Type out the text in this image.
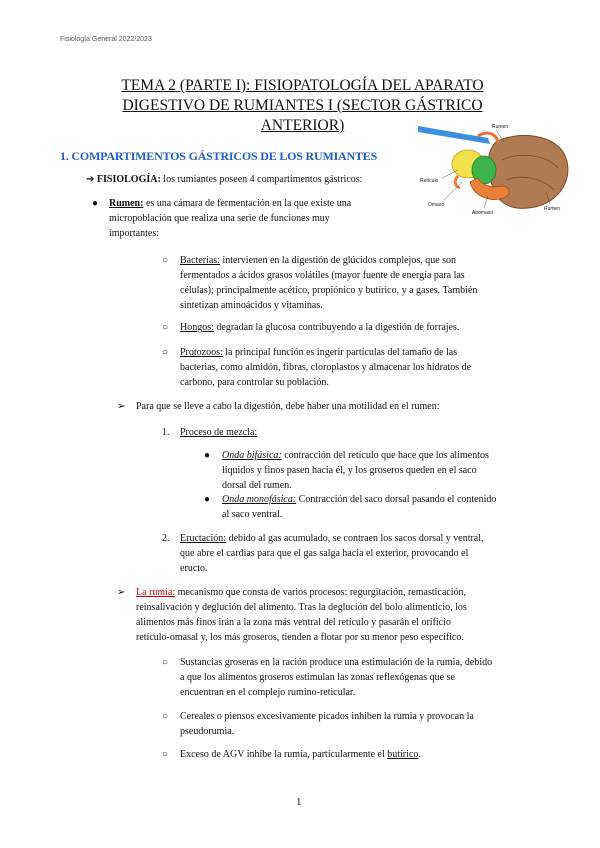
Fisiología General 2022/2023
TEMA 2 (PARTE I): FISIOPATOLOGÍA DEL APARATO
DIGESTIVO DE RUMIANTES I (SECTOR GÁSTRICO
ANTERIOR)
1. COMPARTIMENTOS GÁSTRICOS DE LOS RUMIANTES
Rumen
Retículo
Omaso
Abomaso
Rumen
➔ FISIOLOGÍA: los rumiantes poseen 4 compartimentos gástricos:
● Rumen: es una cámara de fermentación en la que existe una
micropoblación que realiza una serie de funciones muy
importantes:
○ Bacterias: intervienen en la digestión de glúcidos complejos, que son
fermentados a ácidos grasos volátiles (mayor fuente de energía para las
células); principalmente acético, propiónico y butírico, y a gases. También
sintetizan aminoácidos y vitaminas.
○ Hongos: degradan la glucosa contribuyendo a la digestión de forrajes.
○ Protozoos: la principal función es ingerir partículas del tamaño de las
bacterias, como almidón, fibras, cloroplastos y almacenar los hidratos de
carbono, para controlar su población.
➢ Para que se lleve a cabo la digestión, debe haber una motilidad en el rumen:
1. Proceso de mezcla:
● Onda bifásica: contracción del retículo que hace que los alimentos
líquidos y finos pasen hacia él, y los groseros queden en el saco
dorsal del rumen.
● Onda monofásica: Contracción del saco dorsal pasando el contenido
al saco ventral.
2. Eructación: debido al gas acumulado, se contraen los sacos dorsal y ventral,
que abre el cardias para que el gas salga hacia el exterior, provocando el
eructo.
➢ La rumia: mecanismo que consta de varios procesos: regurgitación, remasticación,
reinsalivación y deglución del alimento. Tras la deglución del bolo alimenticio, los
alimentos más finos irán a la zona más ventral del retículo y pasarán el orificio
retículo-omasal y, los más groseros, tienden a flotar por su menor peso específico.
○ Sustancias groseras en la ración produce una estimulación de la rumia, debido
a que los alimentos groseros estimulan las zonas reflexógenas que se
encuentran en el complejo rumino-reticular.
○ Cereales o piensos excesivamente picados inhiben la rumia y provocan la
pseudorumia.
○ Exceso de AGV inhibe la rumia, particularmente el butírico.
1
